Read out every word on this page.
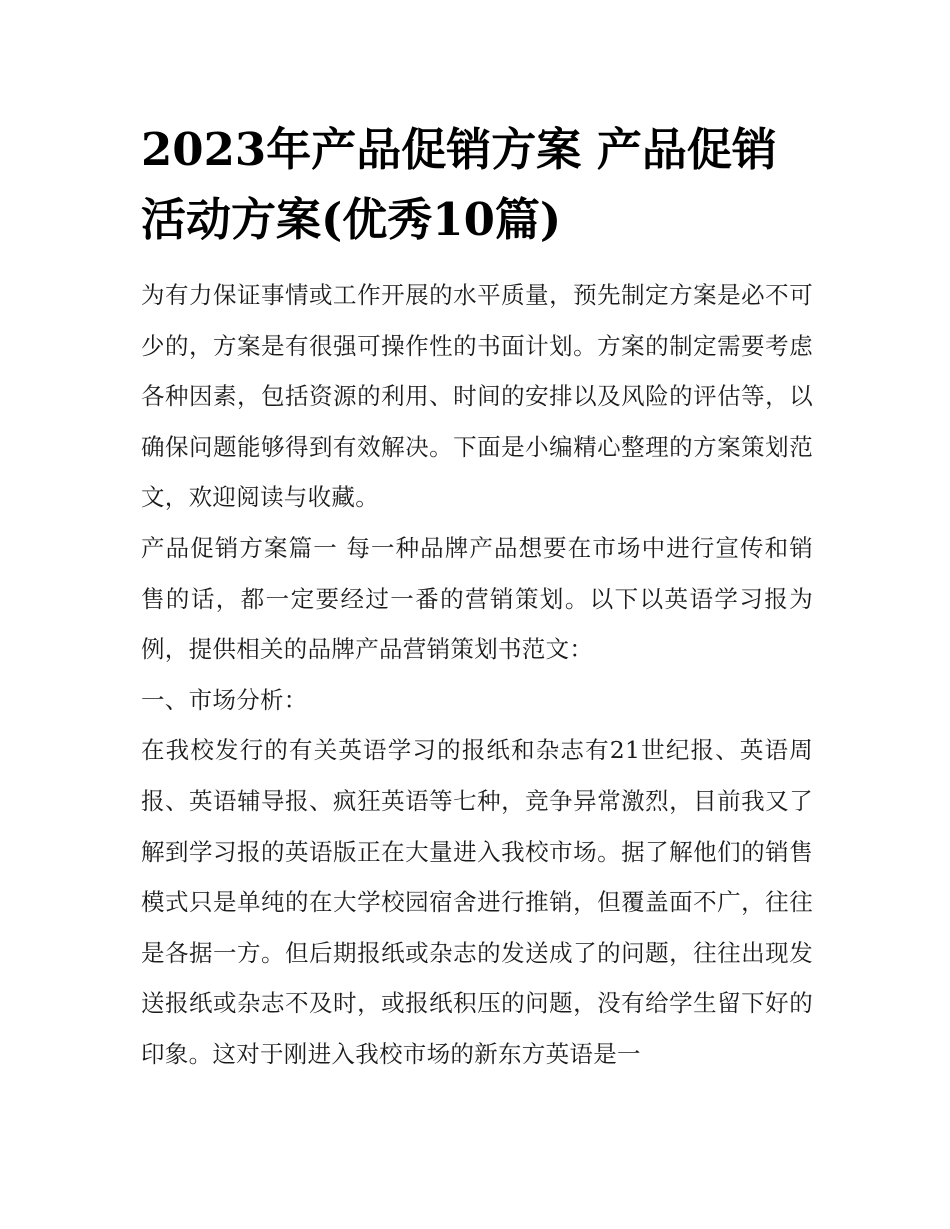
2023年产品促销方案 产品促销活动方案(优秀10篇)

为有力保证事情或工作开展的水平质量，预先制定方案是必不可少的，方案是有很强可操作性的书面计划。方案的制定需要考虑各种因素，包括资源的利用、时间的安排以及风险的评估等，以确保问题能够得到有效解决。下面是小编精心整理的方案策划范文，欢迎阅读与收藏。

产品促销方案篇一 每一种品牌产品想要在市场中进行宣传和销售的话，都一定要经过一番的营销策划。以下以英语学习报为例，提供相关的品牌产品营销策划书范文：

一、市场分析：

在我校发行的有关英语学习的报纸和杂志有21世纪报、英语周报、英语辅导报、疯狂英语等七种，竞争异常激烈，目前我又了解到学习报的英语版正在大量进入我校市场。据了解他们的销售模式只是单纯的在大学校园宿舍进行推销，但覆盖面不广，往往是各据一方。但后期报纸或杂志的发送成了的问题，往往出现发送报纸或杂志不及时，或报纸积压的问题，没有给学生留下好的印象。这对于刚进入我校市场的新东方英语是一
